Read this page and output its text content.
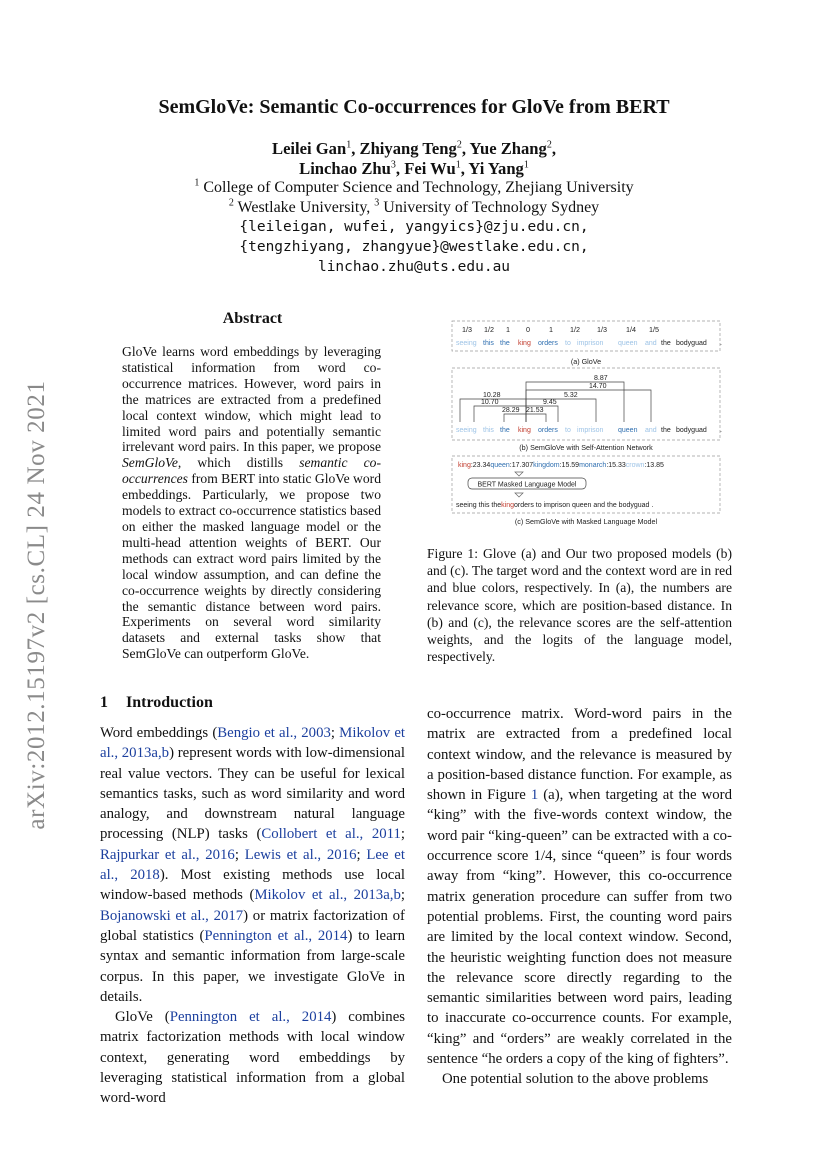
arXiv:2012.15197v2 [cs.CL] 24 Nov 2021
SemGloVe: Semantic Co-occurrences for GloVe from BERT
Leilei Gan$^1$, Zhiyang Teng$^2$, Yue Zhang$^2$,
Linchao Zhu$^3$, Fei Wu$^1$, Yi Yang$^1$
$^1$ College of Computer Science and Technology, Zhejiang University
$^2$ Westlake University, $^3$ University of Technology Sydney
{leileigan, wufei, yangyics}@zju.edu.cn,
{tengzhiyang, zhangyue}@westlake.edu.cn,
linchao.zhu@uts.edu.au
Abstract
GloVe learns word embeddings by leveraging statistical information from word co-occurrence matrices. However, word pairs in the matrices are extracted from a predefined local context window, which might lead to limited word pairs and potentially semantic irrelevant word pairs. In this paper, we propose SemGloVe, which distills semantic co-occurrences from BERT into static GloVe word embeddings. Particularly, we propose two models to extract co-occurrence statistics based on either the masked language model or the multi-head attention weights of BERT. Our methods can extract word pairs limited by the local window assumption, and can define the co-occurrence weights by directly considering the semantic distance between word pairs. Experiments on several word similarity datasets and external tasks show that SemGloVe can outperform GloVe.
1/3 1/2 1 0	1 1/2 1/3	1/4 1/5
seeing this the king orders to imprison queen and the bodyguad .
(a) GloVe
seeing this the king orders to imprison queen and the bodyguad .
8.87
14.70
10.28	5.32
10.70	9.45
28.29 21.53
(b) SemGloVe with Self-Attention Network
king :23.34 queen :17.307 kingdom :15.59 monarch :15.33 crown :13.85
BERT Masked Language Model
seeing this the king orders to imprison queen and the bodyguad .
(c) SemGloVe with Masked Language Model
Figure 1: Glove (a) and Our two proposed models (b) and (c). The target word and the context word are in red and blue colors, respectively. In (a), the numbers are relevance score, which are position-based distance. In (b) and (c), the relevance scores are the self-attention weights, and the logits of the language model, respectively.
1 Introduction

Word embeddings (Bengio et al., 2003; Mikolov et al., 2013a,b) represent words with low-dimensional real value vectors. They can be useful for lexical semantics tasks, such as word similarity and word analogy, and downstream natural language processing (NLP) tasks (Collobert et al., 2011; Rajpurkar et al., 2016; Lewis et al., 2016; Lee et al., 2018). Most existing methods use local window-based methods (Mikolov et al., 2013a,b; Bojanowski et al., 2017) or matrix factorization of global statistics (Pennington et al., 2014) to learn syntax and semantic information from large-scale corpus. In this paper, we investigate GloVe in details.

GloVe (Pennington et al., 2014) combines matrix factorization methods with local window context, generating word embeddings by leveraging statistical information from a global word-word

co-occurrence matrix. Word-word pairs in the matrix are extracted from a predefined local context window, and the relevance is measured by a position-based distance function. For example, as shown in Figure 1 (a), when targeting at the word “king” with the five-words context window, the word pair “king-queen” can be extracted with a co-occurrence score 1/4, since “queen” is four words away from “king”. However, this co-occurrence matrix generation procedure can suffer from two potential problems. First, the counting word pairs are limited by the local context window. Second, the heuristic weighting function does not measure the relevance score directly regarding to the semantic similarities between word pairs, leading to inaccurate co-occurrence counts. For example, “king” and “orders” are weakly correlated in the sentence “he orders a copy of the king of fighters”.

One potential solution to the above problems
